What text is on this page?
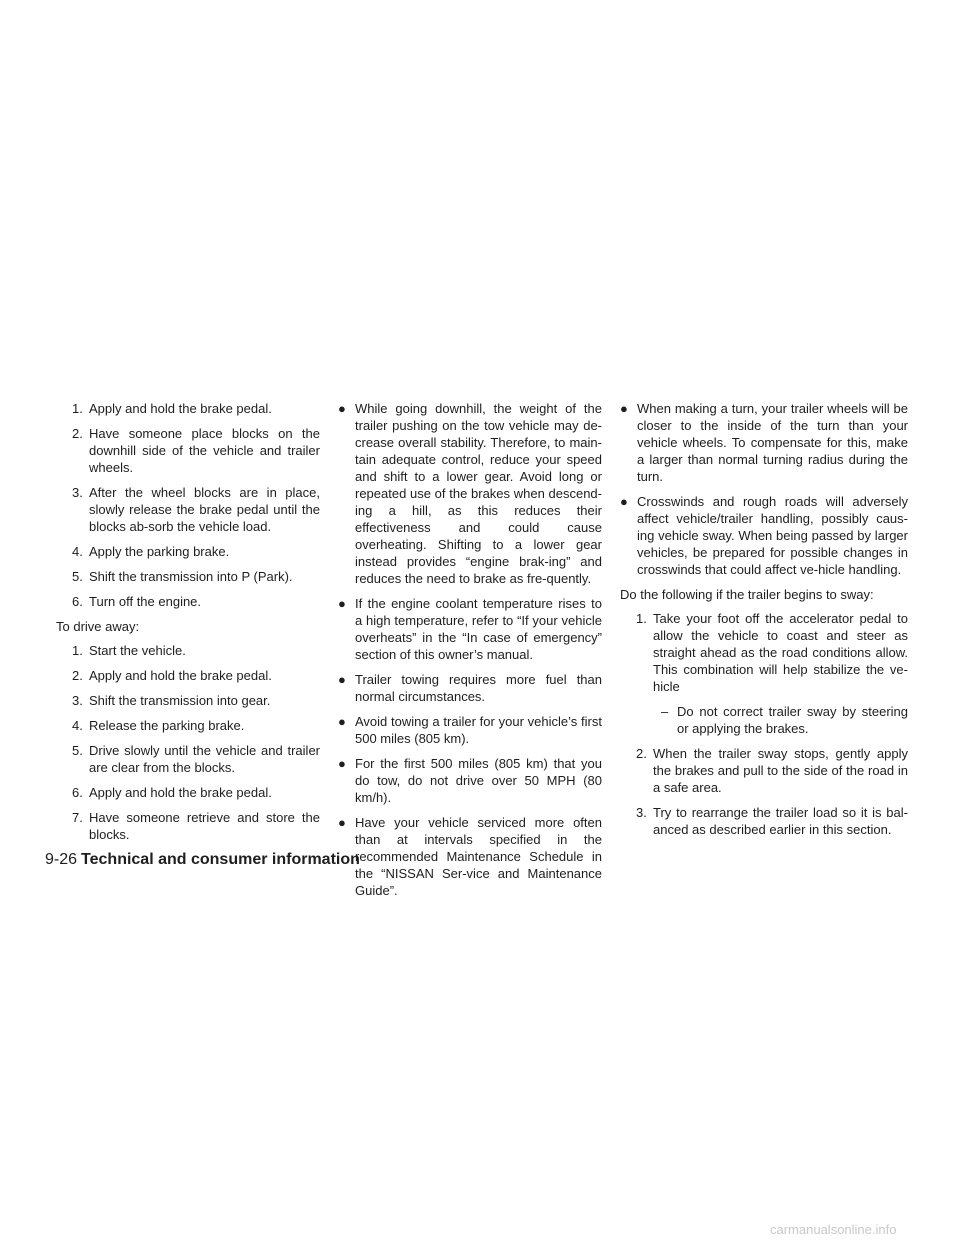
1. Apply and hold the brake pedal.
2. Have someone place blocks on the downhill side of the vehicle and trailer wheels.
3. After the wheel blocks are in place, slowly release the brake pedal until the blocks ab-sorb the vehicle load.
4. Apply the parking brake.
5. Shift the transmission into P (Park).
6. Turn off the engine.
To drive away:
1. Start the vehicle.
2. Apply and hold the brake pedal.
3. Shift the transmission into gear.
4. Release the parking brake.
5. Drive slowly until the vehicle and trailer are clear from the blocks.
6. Apply and hold the brake pedal.
7. Have someone retrieve and store the blocks.
● While going downhill, the weight of the trailer pushing on the tow vehicle may de-crease overall stability. Therefore, to main-tain adequate control, reduce your speed and shift to a lower gear. Avoid long or repeated use of the brakes when descend-ing a hill, as this reduces their effectiveness and could cause overheating. Shifting to a lower gear instead provides “engine brak-ing” and reduces the need to brake as fre-quently.
● If the engine coolant temperature rises to a high temperature, refer to “If your vehicle overheats” in the “In case of emergency” section of this owner’s manual.
● Trailer towing requires more fuel than normal circumstances.
● Avoid towing a trailer for your vehicle’s first 500 miles (805 km).
● For the first 500 miles (805 km) that you do tow, do not drive over 50 MPH (80 km/h).
● Have your vehicle serviced more often than at intervals specified in the recommended Maintenance Schedule in the “NISSAN Ser-vice and Maintenance Guide”.
● When making a turn, your trailer wheels will be closer to the inside of the turn than your vehicle wheels. To compensate for this, make a larger than normal turning radius during the turn.
● Crosswinds and rough roads will adversely affect vehicle/trailer handling, possibly caus-ing vehicle sway. When being passed by larger vehicles, be prepared for possible changes in crosswinds that could affect ve-hicle handling.
Do the following if the trailer begins to sway:
1. Take your foot off the accelerator pedal to allow the vehicle to coast and steer as straight ahead as the road conditions allow. This combination will help stabilize the ve-hicle
– Do not correct trailer sway by steering or applying the brakes.
2. When the trailer sway stops, gently apply the brakes and pull to the side of the road in a safe area.
3. Try to rearrange the trailer load so it is bal-anced as described earlier in this section.
9-26 Technical and consumer information
carmanualsonline.info
